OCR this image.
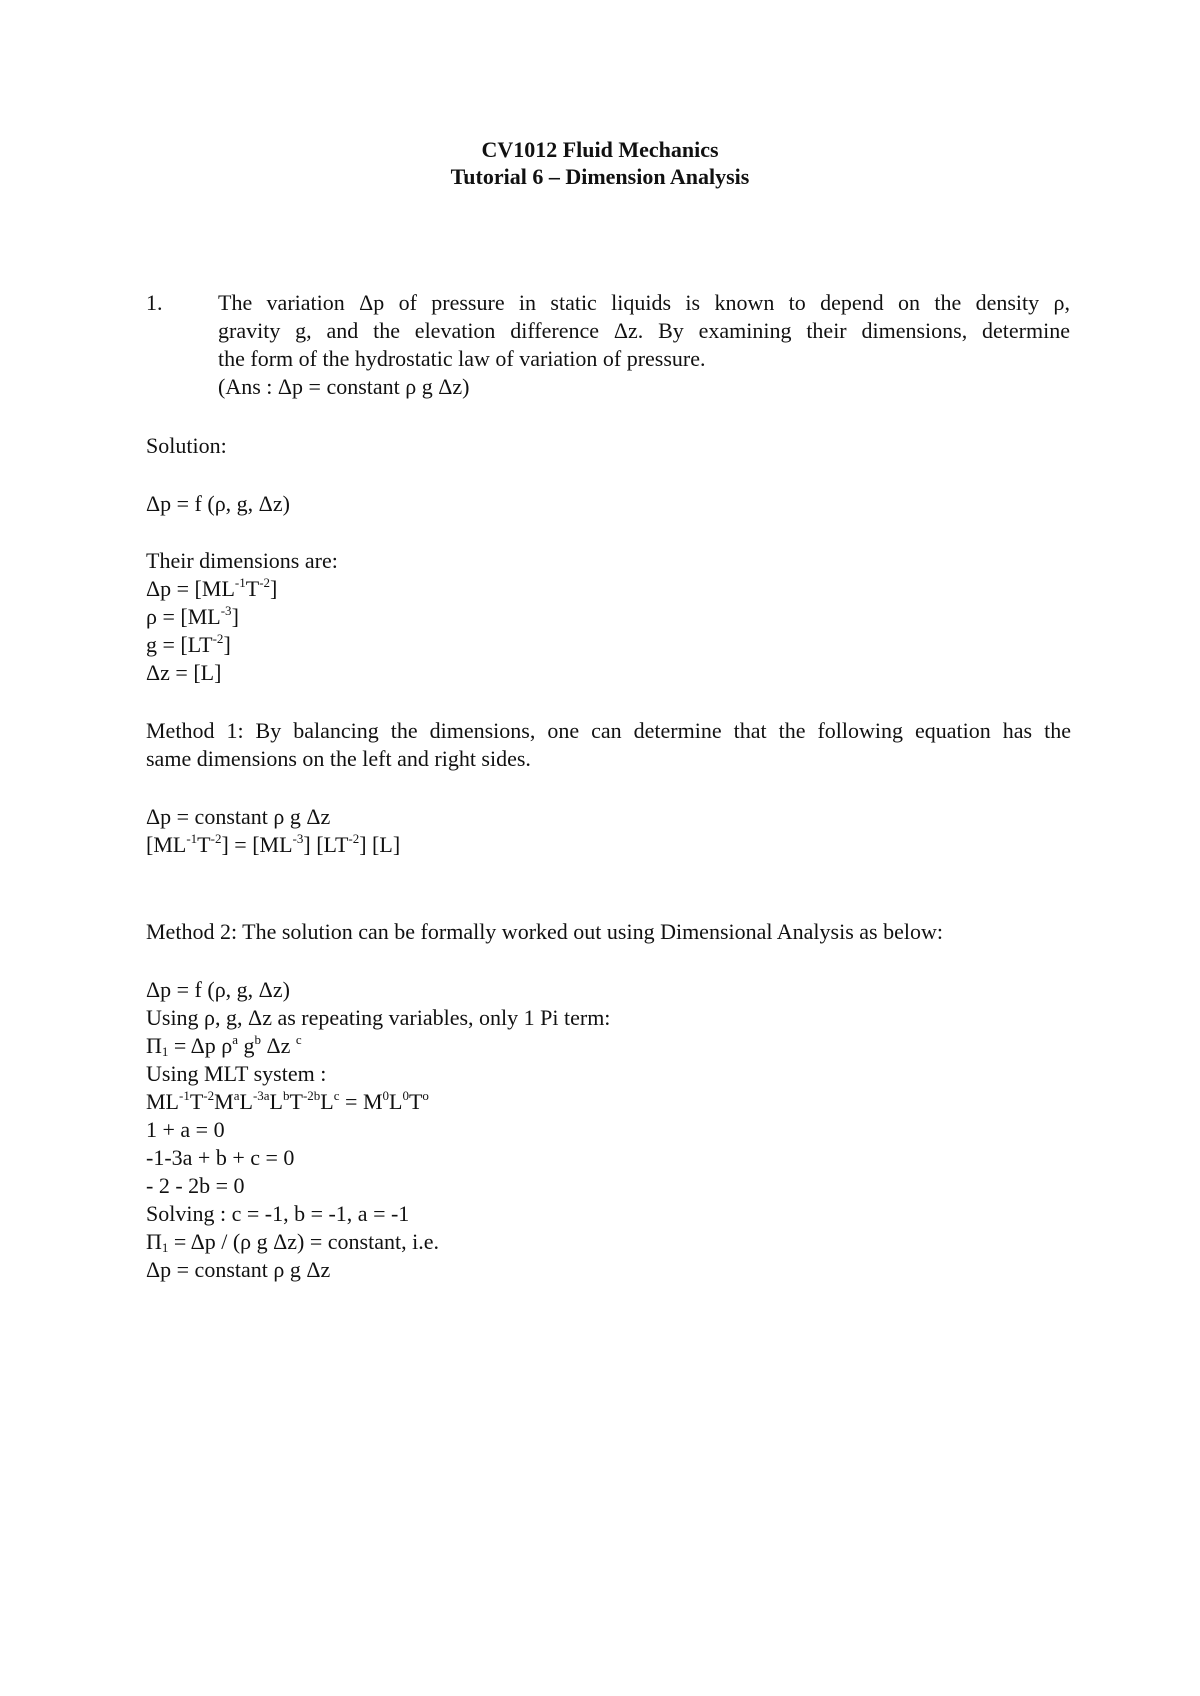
CV1012 Fluid Mechanics
Tutorial 6 – Dimension Analysis
1.	The variation Δp of pressure in static liquids is known to depend on the density ρ,
gravity g, and the elevation difference Δz. By examining their dimensions, determine
the form of the hydrostatic law of variation of pressure.
(Ans : Δp = constant ρ g Δz)
Solution:
Δp = f (ρ, g, Δz)
Their dimensions are:
$\Delta p = [ML^{-1}T^{-2}]$
$\rho = [ML^{-3}]$
$g = [LT^{-2}]$
Δz = [L]
Method 1: By balancing the dimensions, one can determine that the following equation has the
same dimensions on the left and right sides.
Δp = constant ρ g Δz
$[ML^{-1}T^{-2}] = [ML^{-3}]$ $[LT^{-2}]$ [L]
Method 2: The solution can be formally worked out using Dimensional Analysis as below:
Δp = f (ρ, g, Δz)
Using ρ, g, Δz as repeating variables, only 1 Pi term:
$\Pi_1 = \Delta p$ $\rho^a$ $g^b$ Δz $^c$
Using MLT system :
$ML^{-1}T^{-2}M^aL^{-3a}L^bT^{-2b}L^c = M^0L^0T^o$
1 + a = 0
-1-3a + b + c = 0
- 2 - 2b = 0
Solving : c = -1, b = -1, a = -1
$\Pi_1 = \Delta p / (\rho$ g Δz) = constant, i.e.
Δp = constant ρ g Δz
